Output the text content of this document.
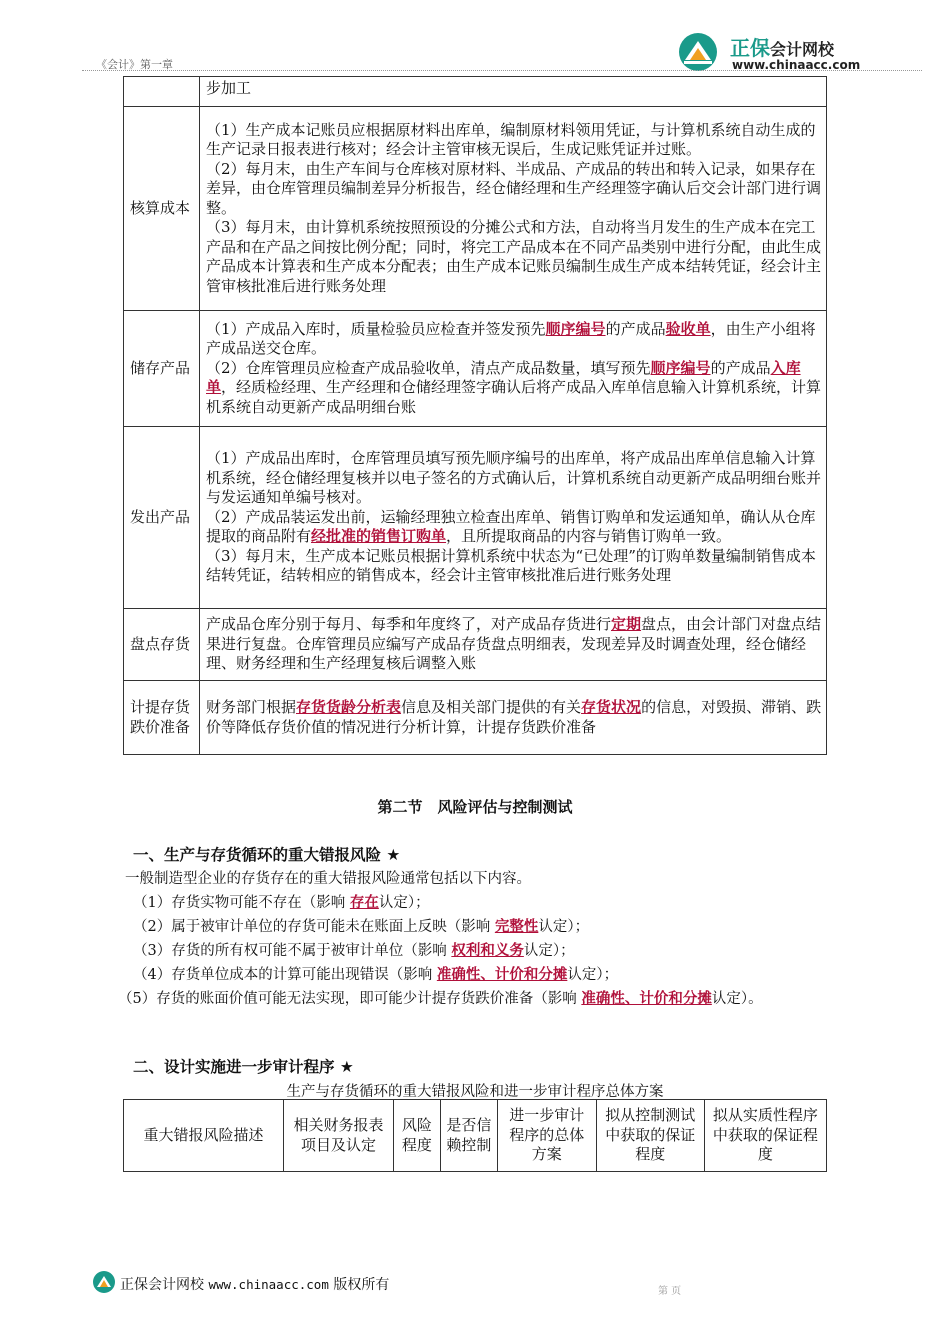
《会计》第一章
正保会计网校
www.chinaacc.com

	步加工

核算成本	（1）生产成本记账员应根据原材料出库单，编制原材料领用凭证，与计算机系统自动生成的生产记录日报表进行核对；经会计主管审核无误后，生成记账凭证并过账。

（2）每月末，由生产车间与仓库核对原材料、半成品、产成品的转出和转入记录，如果存在差异，由仓库管理员编制差异分析报告，经仓储经理和生产经理签字确认后交会计部门进行调整。

（3）每月末，由计算机系统按照预设的分摊公式和方法，自动将当月发生的生产成本在完工产品和在产品之间按比例分配；同时，将完工产品成本在不同产品类别中进行分配，由此生成产品成本计算表和生产成本分配表；由生产成本记账员编制生成生产成本结转凭证，经会计主管审核批准后进行账务处理

储存产品	（1）产成品入库时，质量检验员应检查并签发预先顺序编号的产成品验收单，由生产小组将产成品送交仓库。

（2）仓库管理员应检查产成品验收单，清点产成品数量，填写预先顺序编号的产成品入库单，经质检经理、生产经理和仓储经理签字确认后将产成品入库单信息输入计算机系统，计算机系统自动更新产成品明细台账

发出产品	（1）产成品出库时，仓库管理员填写预先顺序编号的出库单，将产成品出库单信息输入计算机系统，经仓储经理复核并以电子签名的方式确认后，计算机系统自动更新产成品明细台账并与发运通知单编号核对。

（2）产成品装运发出前，运输经理独立检查出库单、销售订购单和发运通知单，确认从仓库提取的商品附有经批准的销售订购单，且所提取商品的内容与销售订购单一致。

（3）每月末，生产成本记账员根据计算机系统中状态为“已处理”的订购单数量编制销售成本结转凭证，结转相应的销售成本，经会计主管审核批准后进行账务处理

盘点存货	产成品仓库分别于每月、每季和年度终了，对产成品存货进行定期盘点，由会计部门对盘点结果进行复盘。仓库管理员应编写产成品存货盘点明细表，发现差异及时调查处理，经仓储经理、财务经理和生产经理复核后调整入账

计提存货跌价准备	财务部门根据存货货龄分析表信息及相关部门提供的有关存货状况的信息，对毁损、滞销、跌价等降低存货价值的情况进行分析计算，计提存货跌价准备

第二节　风险评估与控制测试
一、生产与存货循环的重大错报风险 ★
一般制造型企业的存货存在的重大错报风险通常包括以下内容。
（1）存货实物可能不存在（影响 存在认定）；
（2）属于被审计单位的存货可能未在账面上反映（影响 完整性认定）；
（3）存货的所有权可能不属于被审计单位（影响 权利和义务认定）；
（4）存货单位成本的计算可能出现错误（影响 准确性、计价和分摊认定）；
（5）存货的账面价值可能无法实现，即可能少计提存货跌价准备（影响 准确性、计价和分摊认定）。
二、设计实施进一步审计程序 ★
生产与存货循环的重大错报风险和进一步审计程序总体方案
重大错报风险描述	相关财务报表项目及认定	风险程度	是否信赖控制	进一步审计程序的总体方案	拟从控制测试中获取的保证程度	拟从实质性程序中获取的保证程度
正保会计网校 www.chinaacc.com 版权所有	第 页
